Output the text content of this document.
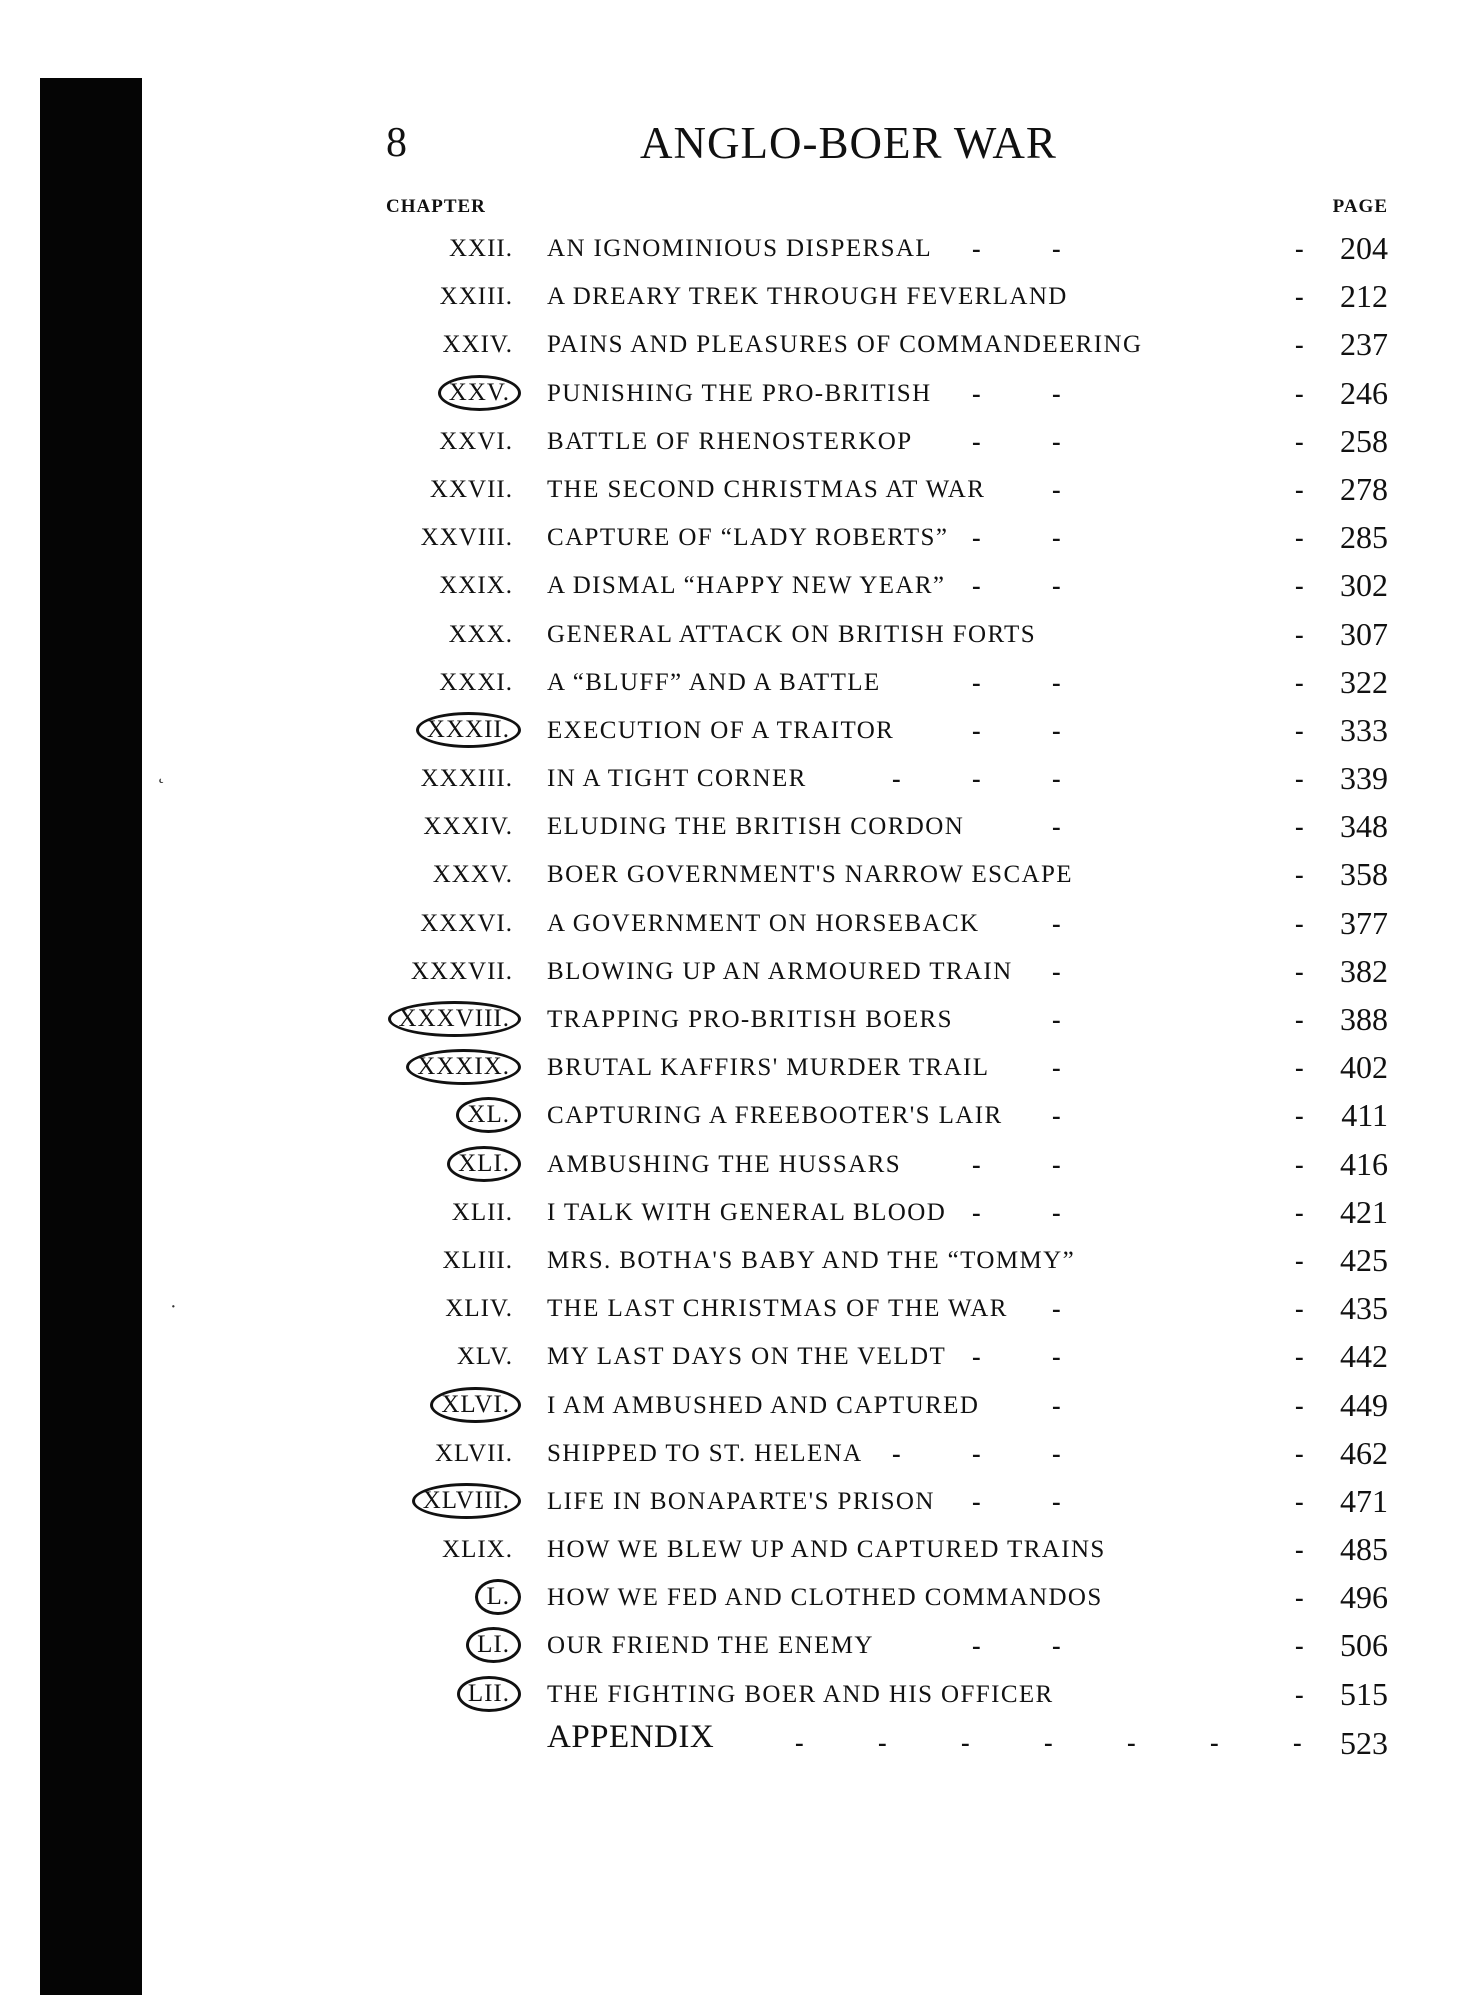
8	ANGLO-BOER WAR
CHAPTER	PAGE
XXII. AN IGNOMINIOUS DISPERSAL -	-	- 204
XXIII. A DREARY TREK THROUGH FEVERLAND	- 212
XXIV. PAINS AND PLEASURES OF COMMANDEERING	- 237
XXV.	PUNISHING THE PRO-BRITISH -	-	- 246
XXVI. BATTLE OF RHENOSTERKOP -	-	- 258
XXVII. THE SECOND CHRISTMAS AT WAR	-	- 278
XXVIII. CAPTURE OF “LADY ROBERTS” -	-	- 285
XXIX. A DISMAL “HAPPY NEW YEAR” -	-	- 302
XXX. GENERAL ATTACK ON BRITISH FORTS	- 307
XXXI. A “BLUFF” AND A BATTLE	-	-	- 322
XXXII.	EXECUTION OF A TRAITOR	-	-	- 333
XXXIII. IN A TIGHT CORNER	-	-	-	- 339
XXXIV. ELUDING THE BRITISH CORDON	-	- 348
XXXV. BOER GOVERNMENT'S NARROW ESCAPE	- 358
XXXVI. A GOVERNMENT ON HORSEBACK	-	- 377
XXXVII. BLOWING UP AN ARMOURED TRAIN -	- 382
XXXVIII.	TRAPPING PRO-BRITISH BOERS	-	- 388
XXXIX.	BRUTAL KAFFIRS' MURDER TRAIL -	- 402
XL.	CAPTURING A FREEBOOTER'S LAIR -	- 411
XLI.	AMBUSHING THE HUSSARS	-	-	- 416
XLII. I TALK WITH GENERAL BLOOD -	-	- 421
XLIII. MRS. BOTHA'S BABY AND THE “TOMMY”	- 425
XLIV. THE LAST CHRISTMAS OF THE WAR -	- 435
XLV. MY LAST DAYS ON THE VELDT -	-	- 442
XLVI.	I AM AMBUSHED AND CAPTURED	-	- 449
XLVII. SHIPPED TO ST. HELENA -	-	-	- 462
XLVIII.	LIFE IN BONAPARTE'S PRISON -	-	- 471
XLIX. HOW WE BLEW UP AND CAPTURED TRAINS	- 485
L.	HOW WE FED AND CLOTHED COMMANDOS	- 496
LI.	OUR FRIEND THE ENEMY	-	-	- 506
LII.	THE FIGHTING BOER AND HIS OFFICER	- 515
APPENDIX	-	-	-	-	-	-	- 523
˛
·
